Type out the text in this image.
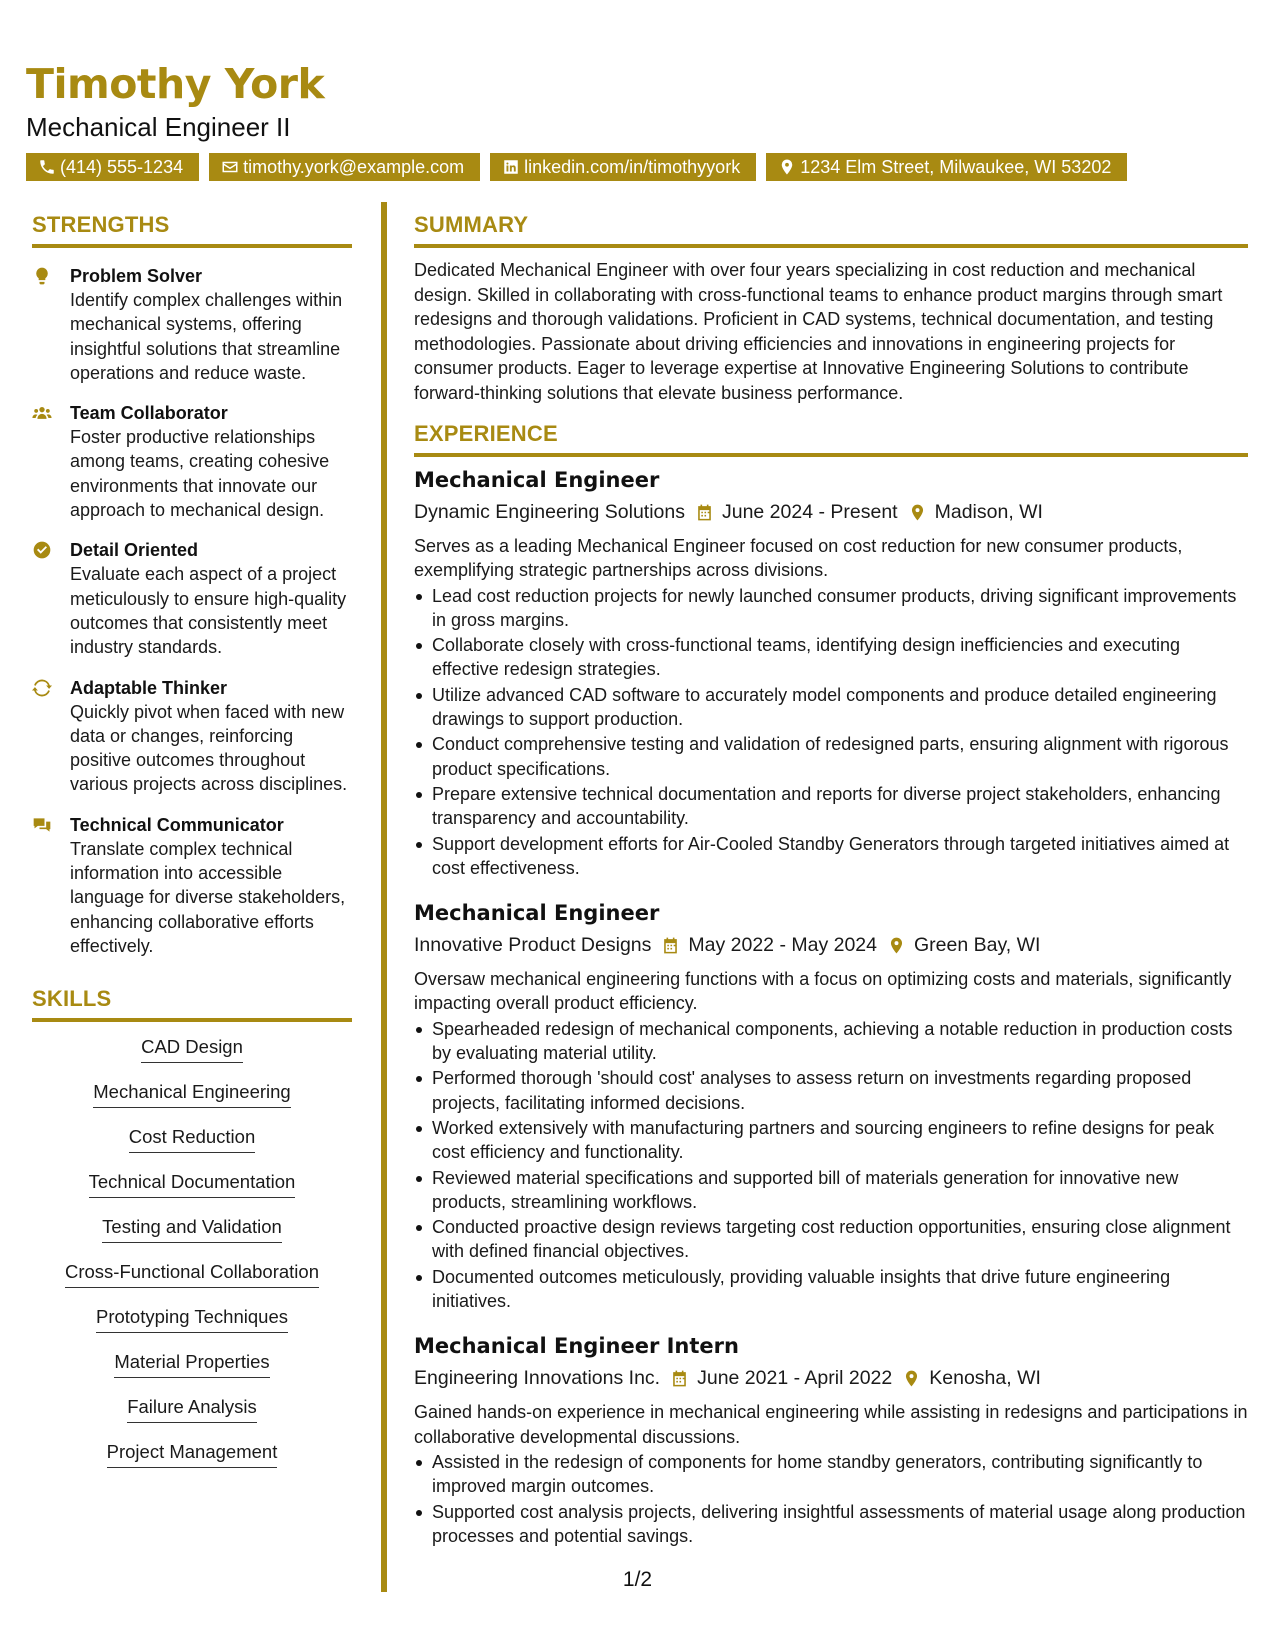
Timothy York
Mechanical Engineer II
(414) 555-1234	timothy.york@example.com	linkedin.com/in/timothyyork	1234 Elm Street, Milwaukee, WI 53202
STRENGTHS
Problem Solver
Identify complex challenges within mechanical systems, offering insightful solutions that streamline operations and reduce waste.
Team Collaborator
Foster productive relationships among teams, creating cohesive environments that innovate our approach to mechanical design.
Detail Oriented
Evaluate each aspect of a project meticulously to ensure high-quality outcomes that consistently meet industry standards.
Adaptable Thinker
Quickly pivot when faced with new data or changes, reinforcing positive outcomes throughout various projects across disciplines.
Technical Communicator
Translate complex technical information into accessible language for diverse stakeholders, enhancing collaborative efforts effectively.
SKILLS
CAD Design
Mechanical Engineering
Cost Reduction
Technical Documentation
Testing and Validation
Cross-Functional Collaboration
Prototyping Techniques
Material Properties
Failure Analysis
Project Management
SUMMARY
Dedicated Mechanical Engineer with over four years specializing in cost reduction and mechanical design. Skilled in collaborating with cross-functional teams to enhance product margins through smart redesigns and thorough validations. Proficient in CAD systems, technical documentation, and testing methodologies. Passionate about driving efficiencies and innovations in engineering projects for consumer products. Eager to leverage expertise at Innovative Engineering Solutions to contribute forward-thinking solutions that elevate business performance.
EXPERIENCE
Mechanical Engineer
Dynamic Engineering Solutions June 2024 - Present Madison, WI
Serves as a leading Mechanical Engineer focused on cost reduction for new consumer products, exemplifying strategic partnerships across divisions.
Lead cost reduction projects for newly launched consumer products, driving significant improvements in gross margins.
Collaborate closely with cross-functional teams, identifying design inefficiencies and executing effective redesign strategies.
Utilize advanced CAD software to accurately model components and produce detailed engineering drawings to support production.
Conduct comprehensive testing and validation of redesigned parts, ensuring alignment with rigorous product specifications.
Prepare extensive technical documentation and reports for diverse project stakeholders, enhancing transparency and accountability.
Support development efforts for Air-Cooled Standby Generators through targeted initiatives aimed at cost effectiveness.
Mechanical Engineer
Innovative Product Designs May 2022 - May 2024 Green Bay, WI
Oversaw mechanical engineering functions with a focus on optimizing costs and materials, significantly impacting overall product efficiency.
Spearheaded redesign of mechanical components, achieving a notable reduction in production costs by evaluating material utility.
Performed thorough 'should cost' analyses to assess return on investments regarding proposed projects, facilitating informed decisions.
Worked extensively with manufacturing partners and sourcing engineers to refine designs for peak cost efficiency and functionality.
Reviewed material specifications and supported bill of materials generation for innovative new products, streamlining workflows.
Conducted proactive design reviews targeting cost reduction opportunities, ensuring close alignment with defined financial objectives.
Documented outcomes meticulously, providing valuable insights that drive future engineering initiatives.
Mechanical Engineer Intern
Engineering Innovations Inc. June 2021 - April 2022 Kenosha, WI
Gained hands-on experience in mechanical engineering while assisting in redesigns and participations in collaborative developmental discussions.
Assisted in the redesign of components for home standby generators, contributing significantly to improved margin outcomes.
Supported cost analysis projects, delivering insightful assessments of material usage along production processes and potential savings.
1/2
